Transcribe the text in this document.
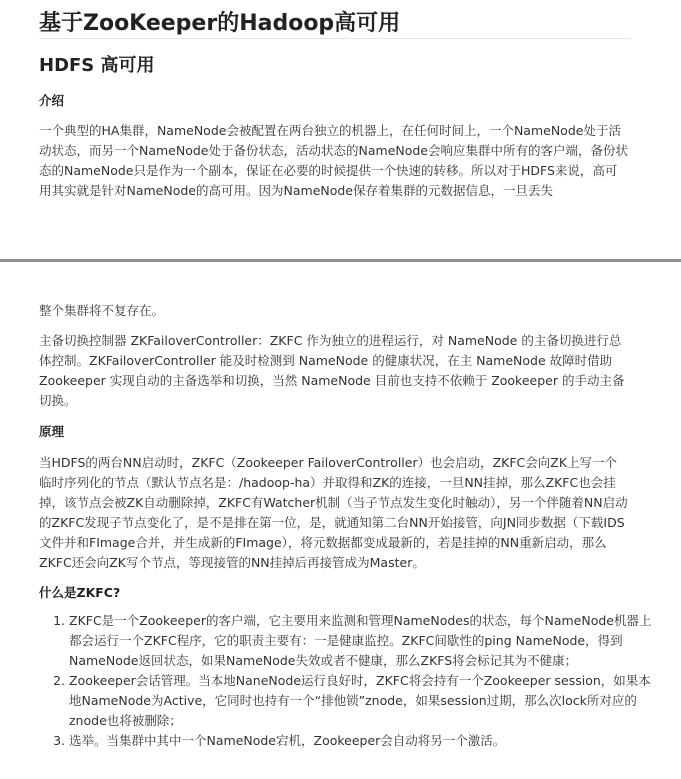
基于ZooKeeper的Hadoop高可用
HDFS 高可用
介绍

一个典型的HA集群，NameNode会被配置在两台独立的机器上，在任何时间上，一个NameNode处于活动状态，而另一个NameNode处于备份状态，活动状态的NameNode会响应集群中所有的客户端，备份状态的NameNode只是作为一个副本，保证在必要的时候提供一个快速的转移。所以对于HDFS来说，高可用其实就是针对NameNode的高可用。因为NameNode保存着集群的元数据信息，一旦丢失

整个集群将不复存在。

主备切换控制器 ZKFailoverController：ZKFC 作为独立的进程运行，对 NameNode 的主备切换进行总体控制。ZKFailoverController 能及时检测到 NameNode 的健康状况，在主 NameNode 故障时借助 Zookeeper 实现自动的主备选举和切换，当然 NameNode 目前也支持不依赖于 Zookeeper 的手动主备切换。

原理

当HDFS的两台NN启动时，ZKFC（Zookeeper FailoverController）也会启动，ZKFC会向ZK上写一个临时序列化的节点（默认节点名是：/hadoop-ha）并取得和ZK的连接，一旦NN挂掉，那么ZKFC也会挂掉，该节点会被ZK自动删除掉，ZKFC有Watcher机制（当子节点发生变化时触动），另一个伴随着NN启动的ZKFC发现子节点变化了，是不是排在第一位，是，就通知第二台NN开始接管，向JN同步数据（下载IDS文件并和FImage合并，并生成新的FImage），将元数据都变成最新的，若是挂掉的NN重新启动，那么ZKFC还会向ZK写个节点，等现接管的NN挂掉后再接管成为Master。

什么是ZKFC?
1. ZKFC是一个Zookeeper的客户端，它主要用来监测和管理NameNodes的状态，每个NameNode机器上都会运行一个ZKFC程序，它的职责主要有：一是健康监控。ZKFC间歇性的ping NameNode，得到NameNode返回状态，如果NameNode失效或者不健康，那么ZKFS将会标记其为不健康；
2. Zookeeper会话管理。当本地NaneNode运行良好时，ZKFC将会持有一个Zookeeper session，如果本地NameNode为Active，它同时也持有一个“排他锁”znode，如果session过期，那么次lock所对应的znode也将被删除；
3. 选举。当集群中其中一个NameNode宕机，Zookeeper会自动将另一个激活。
